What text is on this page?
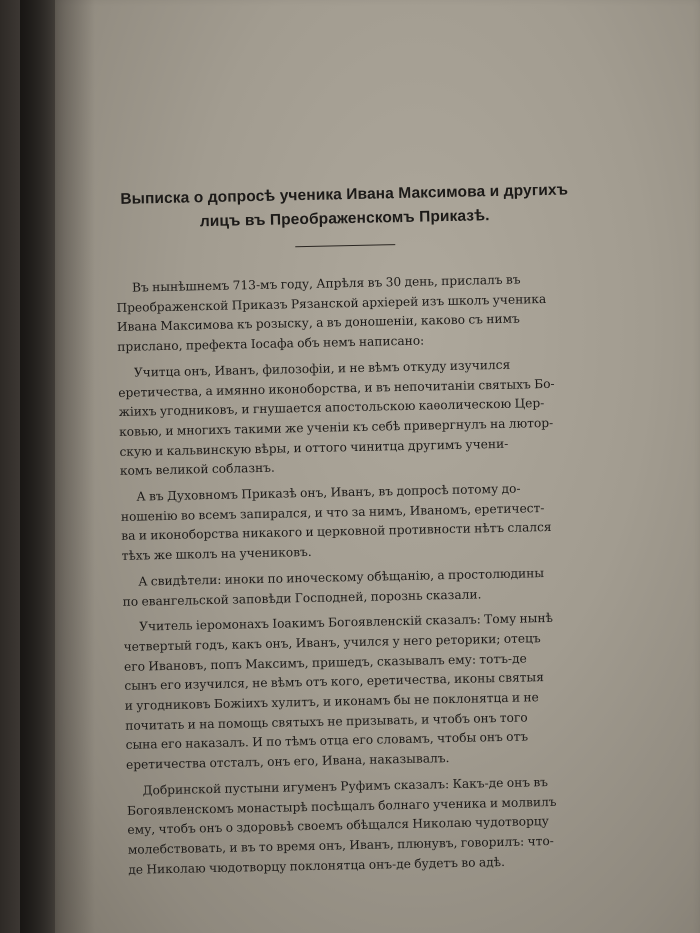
Выписка о допросѣ ученика Ивана Максимова и другихъ
лицъ въ Преображенскомъ Приказѣ.
Въ нынѣшнемъ 713-мъ году, Апрѣля въ 30 день, прислалъ въ
Преображенской Приказъ Рязанской архіерей изъ школъ ученика
Ивана Максимова къ розыску, а въ доношеніи, каково съ нимъ
прислано, префекта Іосафа объ немъ написано:
Учитца онъ, Иванъ, филозофіи, и не вѣмъ откуду изучился
еретичества, а имянно иконоборства, и въ непочитаніи святыхъ Бо-
жіихъ угодниковъ, и гнушается апостольскою каѳолическою Цер-
ковью, и многихъ такими же ученіи къ себѣ привергнулъ на лютор-
скую и кальвинскую вѣры, и оттого чинитца другимъ учени-
комъ великой соблазнъ.
А въ Духовномъ Приказѣ онъ, Иванъ, въ допросѣ потому до-
ношенію во всемъ запирался, и что за нимъ, Иваномъ, еретичест-
ва и иконоборства никакого и церковной противности нѣтъ слался
тѣхъ же школъ на учениковъ.
А свидѣтели: иноки по иноческому обѣщанію, а простолюдины
по евангельской заповѣди Господней, порознь сказали.
Учитель іеромонахъ Іоакимъ Богоявленскій сказалъ: Тому нынѣ
четвертый годъ, какъ онъ, Иванъ, учился у него реторики; отецъ
его Ивановъ, попъ Максимъ, пришедъ, сказывалъ ему: тотъ-де
сынъ его изучился, не вѣмъ отъ кого, еретичества, иконы святыя
и угодниковъ Божіихъ хулитъ, и иконамъ бы не поклонятца и не
почитать и на помощь святыхъ не призывать, и чтобъ онъ того
сына его наказалъ. И по тѣмъ отца его словамъ, чтобы онъ отъ
еретичества отсталъ, онъ его, Ивана, наказывалъ.
Добринской пустыни игуменъ Руфимъ сказалъ: Какъ-де онъ въ
Богоявленскомъ монастырѣ посѣщалъ болнаго ученика и молвилъ
ему, чтобъ онъ о здоровьѣ своемъ обѣщался Николаю чудотворцу
молебствовать, и въ то время онъ, Иванъ, плюнувъ, говорилъ: что-
де Николаю чюдотворцу поклонятца онъ-де будетъ во адѣ.
